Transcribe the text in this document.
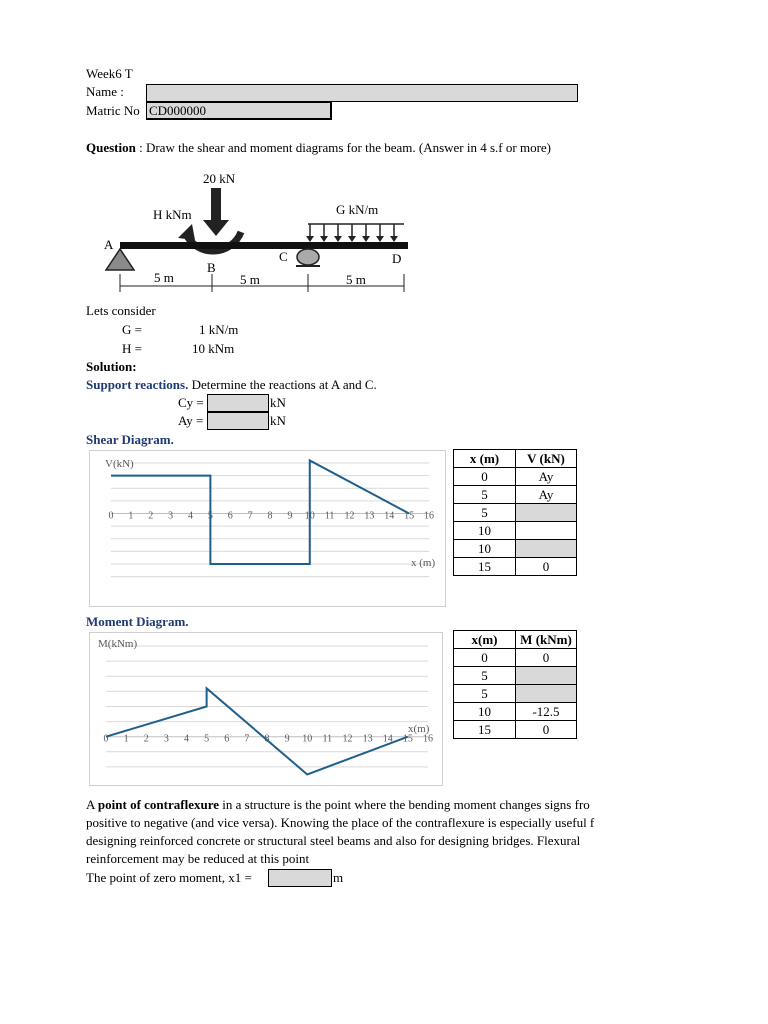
Week6 T
Name :
Matric No CD000000
Question : Draw the shear and moment diagrams for the beam. (Answer in 4 s.f or more)
20 kN
H kNm	G kN/m
A
B
C	D
5 m	5 m	5 m
Lets consider
G =	1 kN/m
H =	10 kNm
Solution:
Support reactions. Determine the reactions at A and C.
Cy =	kN
Ay =	kN
Shear Diagram.
0 1 2 3 4 5 6 7 8 9 10 11 12 13 14 15 16
V(kN)
x (m)
x (m)	V (kN)
0	Ay
5	Ay
5	
10	
10	
15	0
Moment Diagram.
0 1 2 3 4 5 6 7 8 9 10 11 12 13 14 15 16
M(kNm)
x(m)
x(m)	M (kNm)
0	0
5	
5	
10	-12.5
15	0
A point of contraflexure in a structure is the point where the bending moment changes signs fro
positive to negative (and vice versa). Knowing the place of the contraflexure is especially useful f
designing reinforced concrete or structural steel beams and also for designing bridges. Flexural
reinforcement may be reduced at this point
The point of zero moment, x1 =	m
